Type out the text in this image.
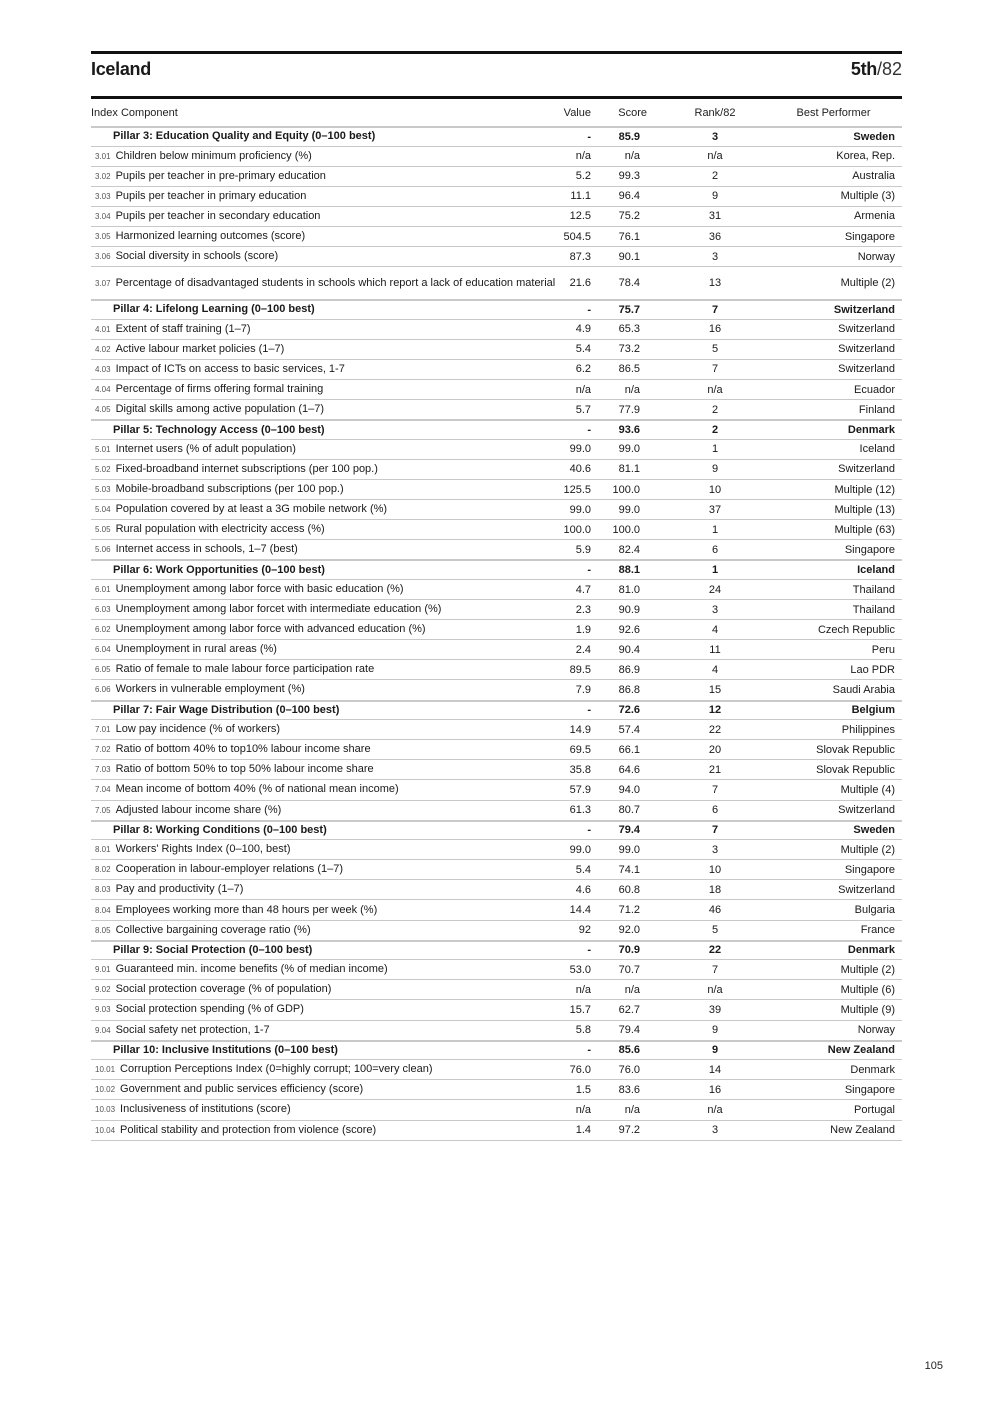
Iceland	5th/82
Index Component	Value	Score	Rank/82	Best Performer
Pillar 3: Education Quality and Equity (0–100 best)	-	85.9	3	Sweden
3.01 Children below minimum proficiency (%)	n/a	n/a	n/a	Korea, Rep.
3.02 Pupils per teacher in pre-primary education	5.2	99.3	2	Australia
3.03 Pupils per teacher in primary education	11.1	96.4	9	Multiple (3)
3.04 Pupils per teacher in secondary education	12.5	75.2	31	Armenia
3.05 Harmonized learning outcomes (score)	504.5	76.1	36	Singapore
3.06 Social diversity in schools (score)	87.3	90.1	3	Norway
3.07 Percentage of disadvantaged students in schools which report a lack of education material	21.6	78.4	13	Multiple (2)
Pillar 4: Lifelong Learning (0–100 best)	-	75.7	7	Switzerland
4.01 Extent of staff training (1–7)	4.9	65.3	16	Switzerland
4.02 Active labour market policies (1–7)	5.4	73.2	5	Switzerland
4.03 Impact of ICTs on access to basic services, 1-7	6.2	86.5	7	Switzerland
4.04 Percentage of firms offering formal training	n/a	n/a	n/a	Ecuador
4.05 Digital skills among active population (1–7)	5.7	77.9	2	Finland
Pillar 5: Technology Access (0–100 best)	-	93.6	2	Denmark
5.01 Internet users (% of adult population)	99.0	99.0	1	Iceland
5.02 Fixed-broadband internet subscriptions (per 100 pop.)	40.6	81.1	9	Switzerland
5.03 Mobile-broadband subscriptions (per 100 pop.)	125.5	100.0	10	Multiple (12)
5.04 Population covered by at least a 3G mobile network (%)	99.0	99.0	37	Multiple (13)
5.05 Rural population with electricity access (%)	100.0	100.0	1	Multiple (63)
5.06 Internet access in schools, 1–7 (best)	5.9	82.4	6	Singapore
Pillar 6: Work Opportunities (0–100 best)	-	88.1	1	Iceland
6.01 Unemployment among labor force with basic education (%)	4.7	81.0	24	Thailand
6.03 Unemployment among labor forcet with intermediate education (%)	2.3	90.9	3	Thailand
6.02 Unemployment among labor force with advanced education (%)	1.9	92.6	4	Czech Republic
6.04 Unemployment in rural areas (%)	2.4	90.4	11	Peru
6.05 Ratio of female to male labour force participation rate	89.5	86.9	4	Lao PDR
6.06 Workers in vulnerable employment (%)	7.9	86.8	15	Saudi Arabia
Pillar 7: Fair Wage Distribution (0–100 best)	-	72.6	12	Belgium
7.01 Low pay incidence (% of workers)	14.9	57.4	22	Philippines
7.02 Ratio of bottom 40% to top10% labour income share	69.5	66.1	20	Slovak Republic
7.03 Ratio of bottom 50% to top 50% labour income share	35.8	64.6	21	Slovak Republic
7.04 Mean income of bottom 40% (% of national mean income)	57.9	94.0	7	Multiple (4)
7.05 Adjusted labour income share (%)	61.3	80.7	6	Switzerland
Pillar 8: Working Conditions (0–100 best)	-	79.4	7	Sweden
8.01 Workers' Rights Index (0–100, best)	99.0	99.0	3	Multiple (2)
8.02 Cooperation in labour-employer relations (1–7)	5.4	74.1	10	Singapore
8.03 Pay and productivity (1–7)	4.6	60.8	18	Switzerland
8.04 Employees working more than 48 hours per week (%)	14.4	71.2	46	Bulgaria
8.05 Collective bargaining coverage ratio (%)	92	92.0	5	France
Pillar 9: Social Protection (0–100 best)	-	70.9	22	Denmark
9.01 Guaranteed min. income benefits (% of median income)	53.0	70.7	7	Multiple (2)
9.02 Social protection coverage (% of population)	n/a	n/a	n/a	Multiple (6)
9.03 Social protection spending (% of GDP)	15.7	62.7	39	Multiple (9)
9.04 Social safety net protection, 1-7	5.8	79.4	9	Norway
Pillar 10: Inclusive Institutions (0–100 best)	-	85.6	9	New Zealand
10.01 Corruption Perceptions Index (0=highly corrupt; 100=very clean)	76.0	76.0	14	Denmark
10.02 Government and public services efficiency (score)	1.5	83.6	16	Singapore
10.03 Inclusiveness of institutions (score)	n/a	n/a	n/a	Portugal
10.04 Political stability and protection from violence (score)	1.4	97.2	3	New Zealand
105
